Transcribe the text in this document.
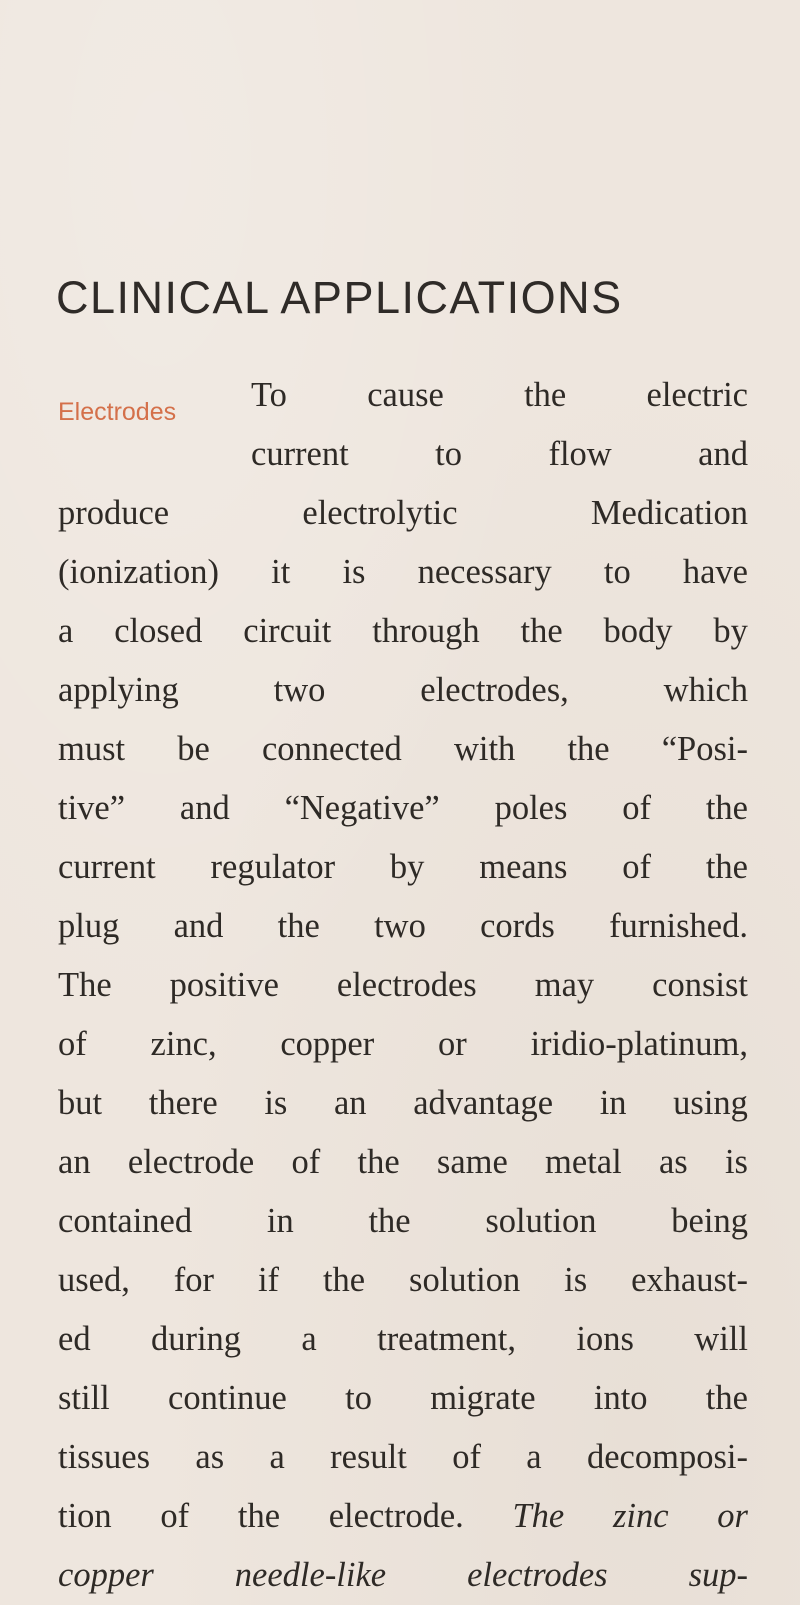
CLINICAL APPLICATIONS
Electrodes To cause the electric
current	to	flow	and
produce	electrolytic	Medication
(ionization) it is necessary to have
a closed circuit through the body by
applying	two	electrodes,	which
must be connected with the “Posi-
tive” and “Negative” poles of the
current regulator by means of the
plug and the two cords furnished.
The positive electrodes may consist
of zinc, copper or iridio-platinum,
but there is an advantage in using
an electrode of the same metal as is
contained in the solution being
used, for if the solution is exhaust-
ed during a treatment, ions will
still continue to migrate into the
tissues as a result of a decomposi-
tion of the electrode. The zinc or
copper needle-like electrodes sup-
